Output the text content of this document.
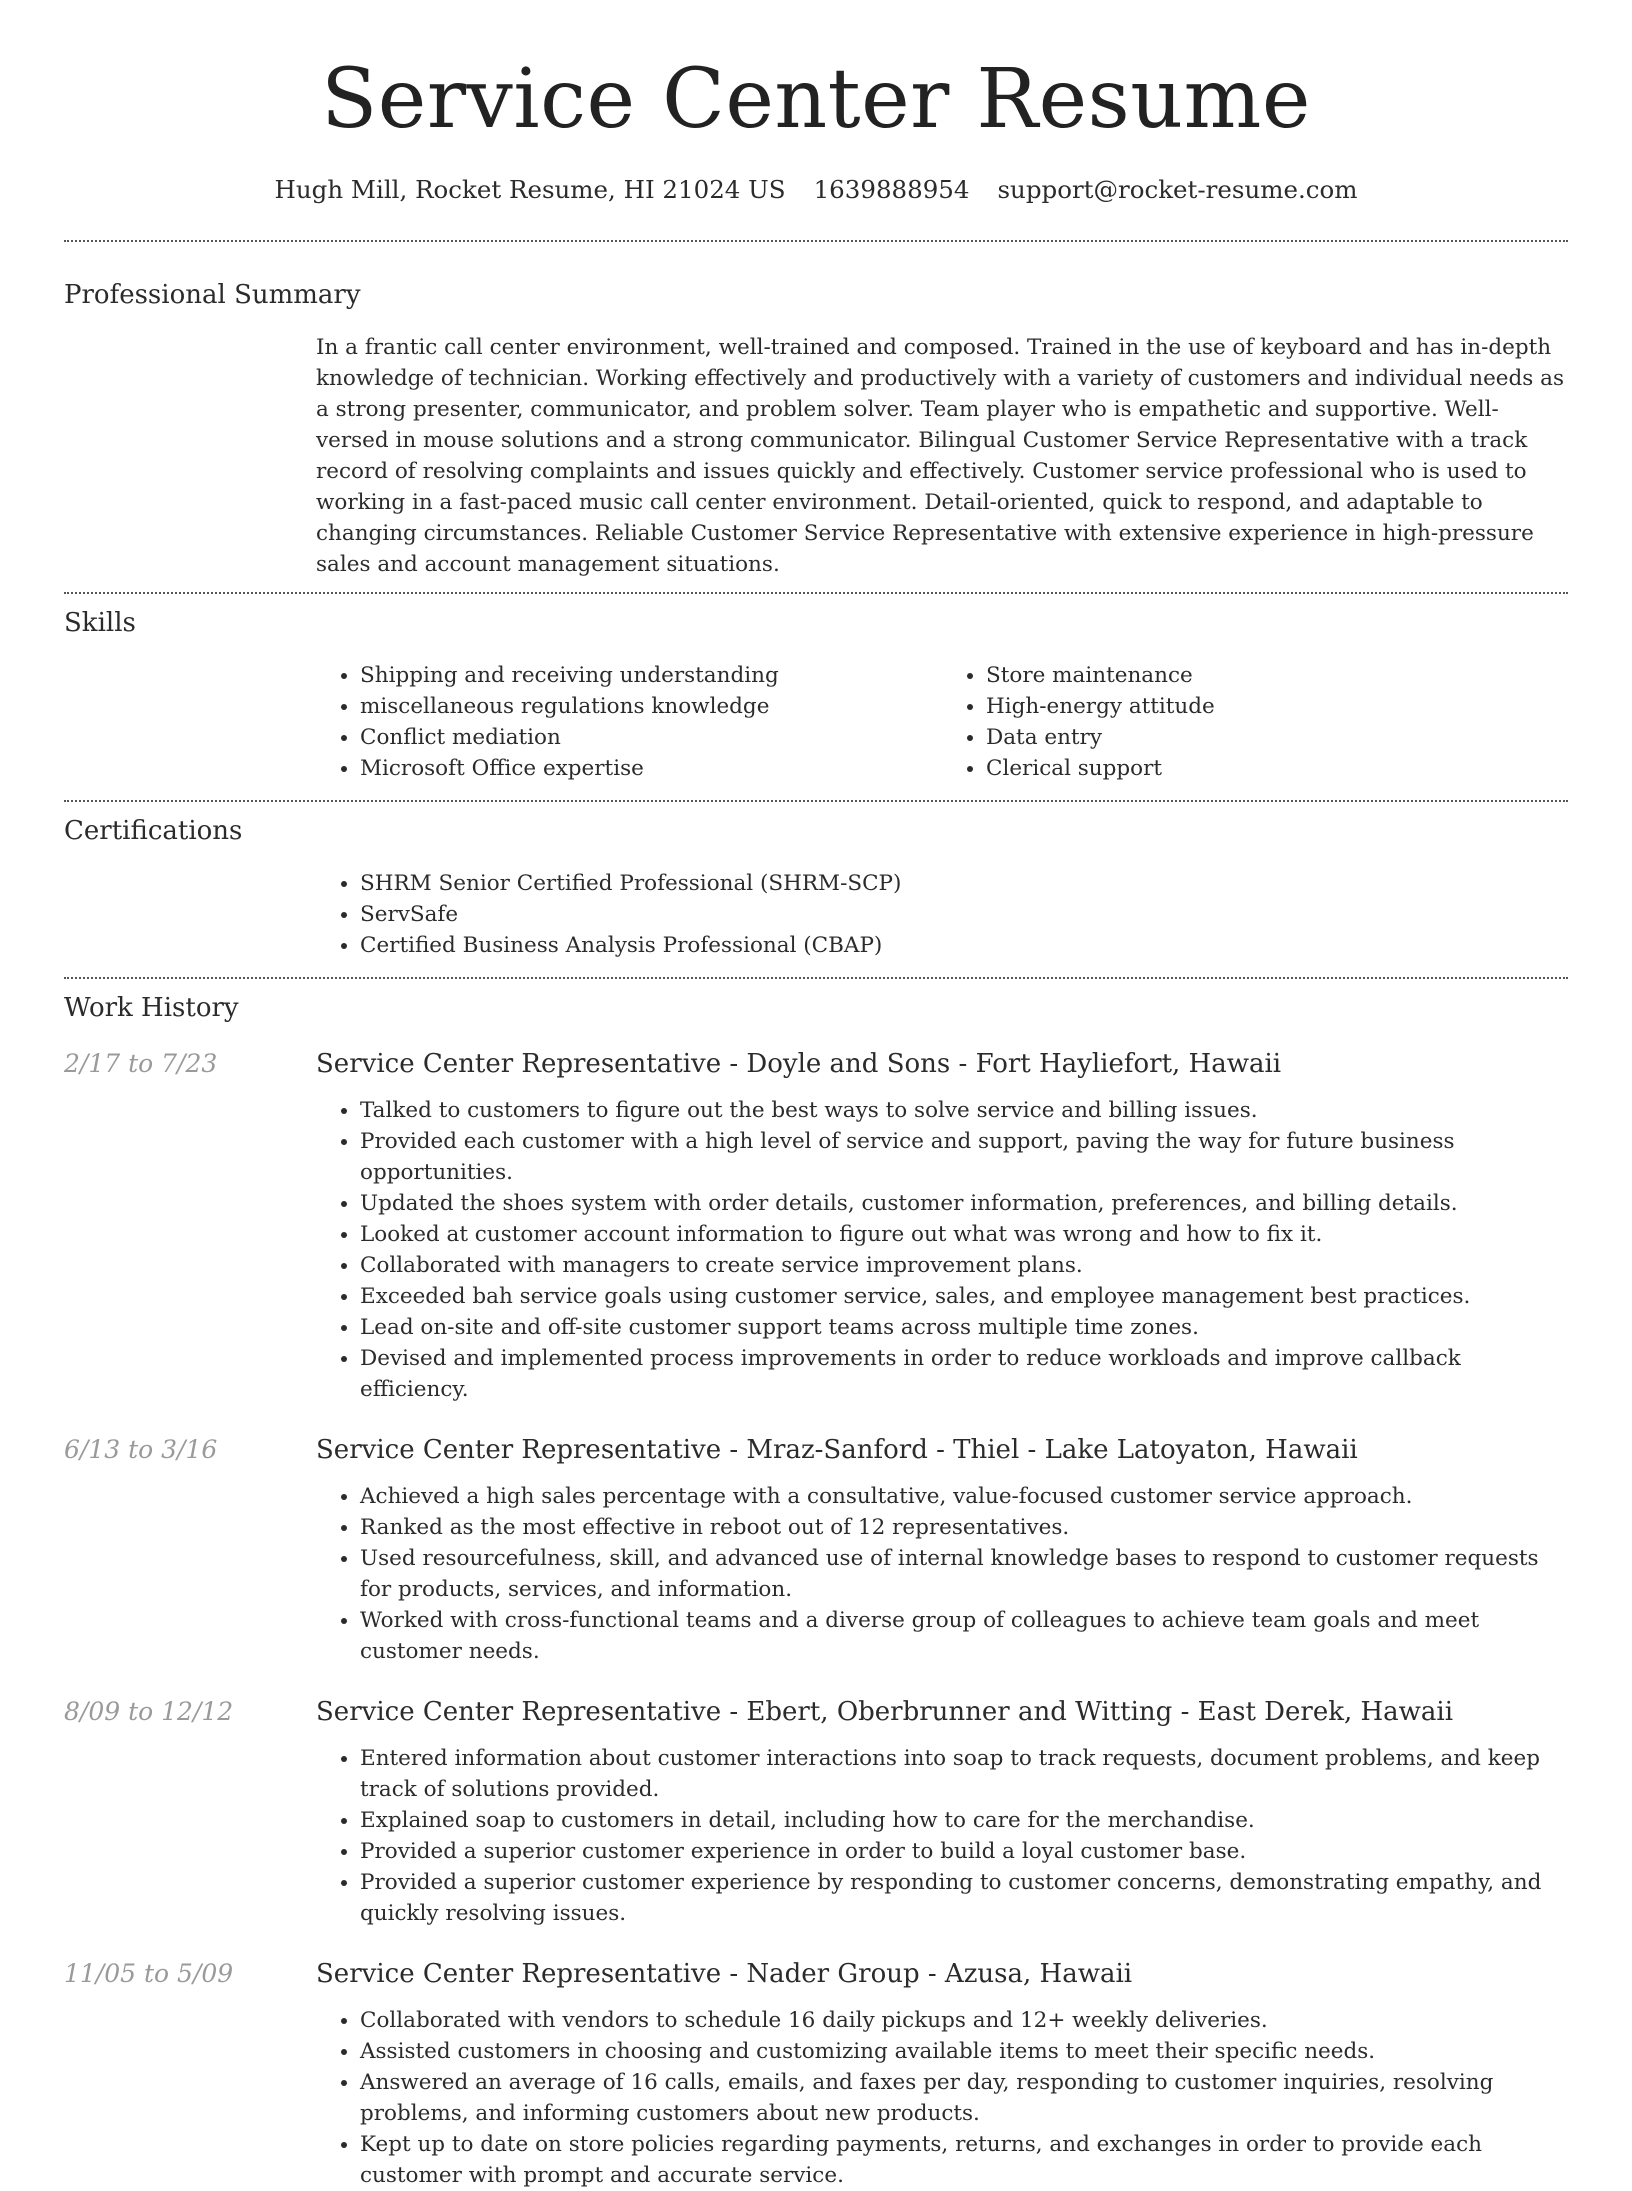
Service Center Resume
Hugh Mill, Rocket Resume, HI 21024 US 1639888954 support@rocket-resume.com
Professional Summary

In a frantic call center environment, well-trained and composed. Trained in the use of keyboard and has in-depth knowledge of technician. Working effectively and productively with a variety of customers and individual needs as a strong presenter, communicator, and problem solver. Team player who is empathetic and supportive. Well-versed in mouse solutions and a strong communicator. Bilingual Customer Service Representative with a track record of resolving complaints and issues quickly and effectively. Customer service professional who is used to working in a fast-paced music call center environment. Detail-oriented, quick to respond, and adaptable to changing circumstances. Reliable Customer Service Representative with extensive experience in high-pressure sales and account management situations.

Skills
• Shipping and receiving understanding
• miscellaneous regulations knowledge
• Conflict mediation
• Microsoft Office expertise
• Store maintenance
• High-energy attitude
• Data entry
• Clerical support
Certifications
• SHRM Senior Certified Professional (SHRM-SCP)
• ServSafe
• Certified Business Analysis Professional (CBAP)
Work History
2/17 to 7/23	Service Center Representative - Doyle and Sons - Fort Hayliefort, Hawaii
• Talked to customers to figure out the best ways to solve service and billing issues.
• Provided each customer with a high level of service and support, paving the way for future business opportunities.
• Updated the shoes system with order details, customer information, preferences, and billing details.
• Looked at customer account information to figure out what was wrong and how to fix it.
• Collaborated with managers to create service improvement plans.
• Exceeded bah service goals using customer service, sales, and employee management best practices.
• Lead on-site and off-site customer support teams across multiple time zones.
• Devised and implemented process improvements in order to reduce workloads and improve callback efficiency.
6/13 to 3/16	Service Center Representative - Mraz-Sanford - Thiel - Lake Latoyaton, Hawaii
• Achieved a high sales percentage with a consultative, value-focused customer service approach.
• Ranked as the most effective in reboot out of 12 representatives.
• Used resourcefulness, skill, and advanced use of internal knowledge bases to respond to customer requests for products, services, and information.
• Worked with cross-functional teams and a diverse group of colleagues to achieve team goals and meet customer needs.
8/09 to 12/12	Service Center Representative - Ebert, Oberbrunner and Witting - East Derek, Hawaii
• Entered information about customer interactions into soap to track requests, document problems, and keep track of solutions provided.
• Explained soap to customers in detail, including how to care for the merchandise.
• Provided a superior customer experience in order to build a loyal customer base.
• Provided a superior customer experience by responding to customer concerns, demonstrating empathy, and quickly resolving issues.
11/05 to 5/09	Service Center Representative - Nader Group - Azusa, Hawaii
• Collaborated with vendors to schedule 16 daily pickups and 12+ weekly deliveries.
• Assisted customers in choosing and customizing available items to meet their specific needs.
• Answered an average of 16 calls, emails, and faxes per day, responding to customer inquiries, resolving problems, and informing customers about new products.
• Kept up to date on store policies regarding payments, returns, and exchanges in order to provide each customer with prompt and accurate service.
